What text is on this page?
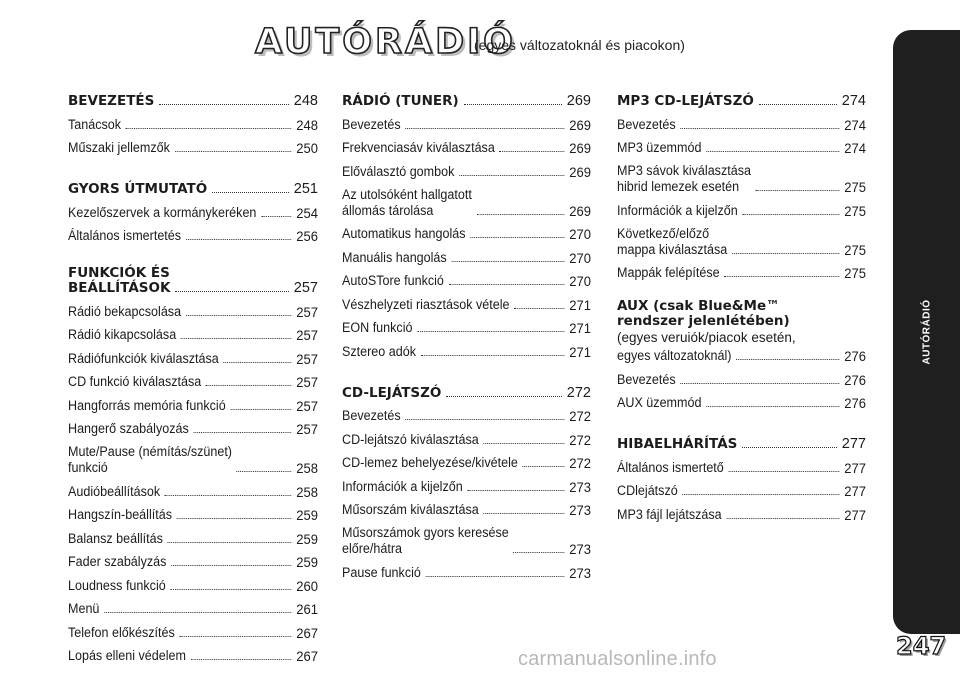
AUTÓRÁDIÓ
(egyes változatoknál és piacokon)
AUTÓRÁDIÓ
247
carmanualsonline.info
BEVEZETÉS	248
Tanácsok	248
Műszaki jellemzők	250
GYORS ÚTMUTATÓ	251
Kezelőszervek a kormánykeréken	254
Általános ismertetés	256
FUNKCIÓK ÉS
BEÁLLÍTÁSOK	257
Rádió bekapcsolása	257
Rádió kikapcsolása	257
Rádiófunkciók kiválasztása	257
CD funkció kiválasztása	257
Hangforrás memória funkció	257
Hangerő szabályozás	257
Mute/Pause (némítás/szünet)
funkció	258
Audióbeállítások	258
Hangszín-beállítás	259
Balansz beállítás	259
Fader szabályzás	259
Loudness funkció	260
Menü	261
Telefon előkészítés	267
Lopás elleni védelem	267
RÁDIÓ (TUNER)	269
Bevezetés	269
Frekvenciasáv kiválasztása	269
Előválasztó gombok	269
Az utolsóként hallgatott
állomás tárolása	269
Automatikus hangolás	270
Manuális hangolás	270
AutoSTore funkció	270
Vészhelyzeti riasztások vétele	271
EON funkció	271
Sztereo adók	271
CD-LEJÁTSZÓ	272
Bevezetés	272
CD-lejátszó kiválasztása	272
CD-lemez behelyezése/kivétele	272
Információk a kijelzőn	273
Műsorszám kiválasztása	273
Műsorszámok gyors keresése
előre/hátra	273
Pause funkció	273
MP3 CD-LEJÁTSZÓ	274
Bevezetés	274
MP3 üzemmód	274
MP3 sávok kiválasztása
hibrid lemezek esetén	275
Információk a kijelzőn	275
Következő/előző
mappa kiválasztása	275
Mappák felépítése	275
AUX (csak Blue&Me™
rendszer jelenlétében)
(egyes veruiók/piacok esetén,
egyes változatoknál)	276
Bevezetés	276
AUX üzemmód	276
HIBAELHÁRÍTÁS	277
Általános ismertető	277
CDlejátszó	277
MP3 fájl lejátszása	277
